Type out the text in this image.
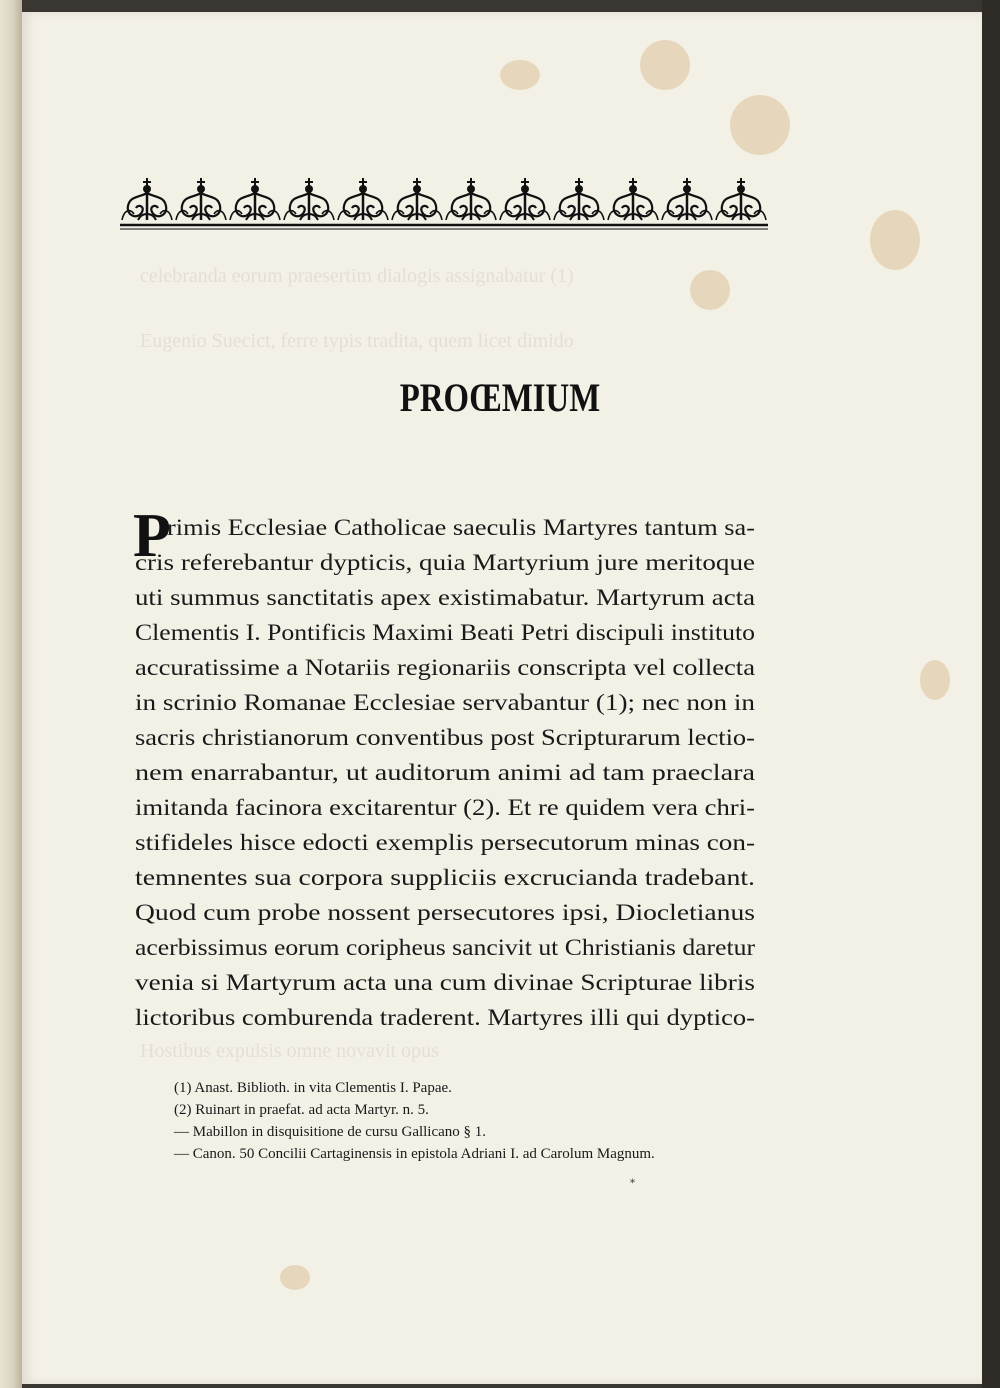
celebranda eorum praesertim dialogis assignabatur (1)
Eugenio Suecict, ferre typis tradita, quem licet dimido
Hostibus expulsis omne novavit opus
PROŒMIUM
P
rimis Ecclesiae Catholicae saeculis Martyres tantum sa-
cris referebantur dypticis, quia Martyrium jure meritoque
uti summus sanctitatis apex existimabatur. Martyrum acta
Clementis I. Pontificis Maximi Beati Petri discipuli instituto
accuratissime a Notariis regionariis conscripta vel collecta
in scrinio Romanae Ecclesiae servabantur (1); nec non in
sacris christianorum conventibus post Scripturarum lectio-
nem enarrabantur, ut auditorum animi ad tam praeclara
imitanda facinora excitarentur (2). Et re quidem vera chri-
stifideles hisce edocti exemplis persecutorum minas con-
temnentes sua corpora suppliciis excrucianda tradebant.
Quod cum probe nossent persecutores ipsi, Diocletianus
acerbissimus eorum coripheus sancivit ut Christianis daretur
venia si Martyrum acta una cum divinae Scripturae libris
lictoribus comburenda traderent. Martyres illi qui dyptico-
(1) Anast. Biblioth. in vita Clementis I. Papae.
(2) Ruinart in praefat. ad acta Martyr. n. 5.
— Mabillon in disquisitione de cursu Gallicano § 1.
— Canon. 50 Concilii Cartaginensis in epistola Adriani I. ad Carolum Magnum.
*
